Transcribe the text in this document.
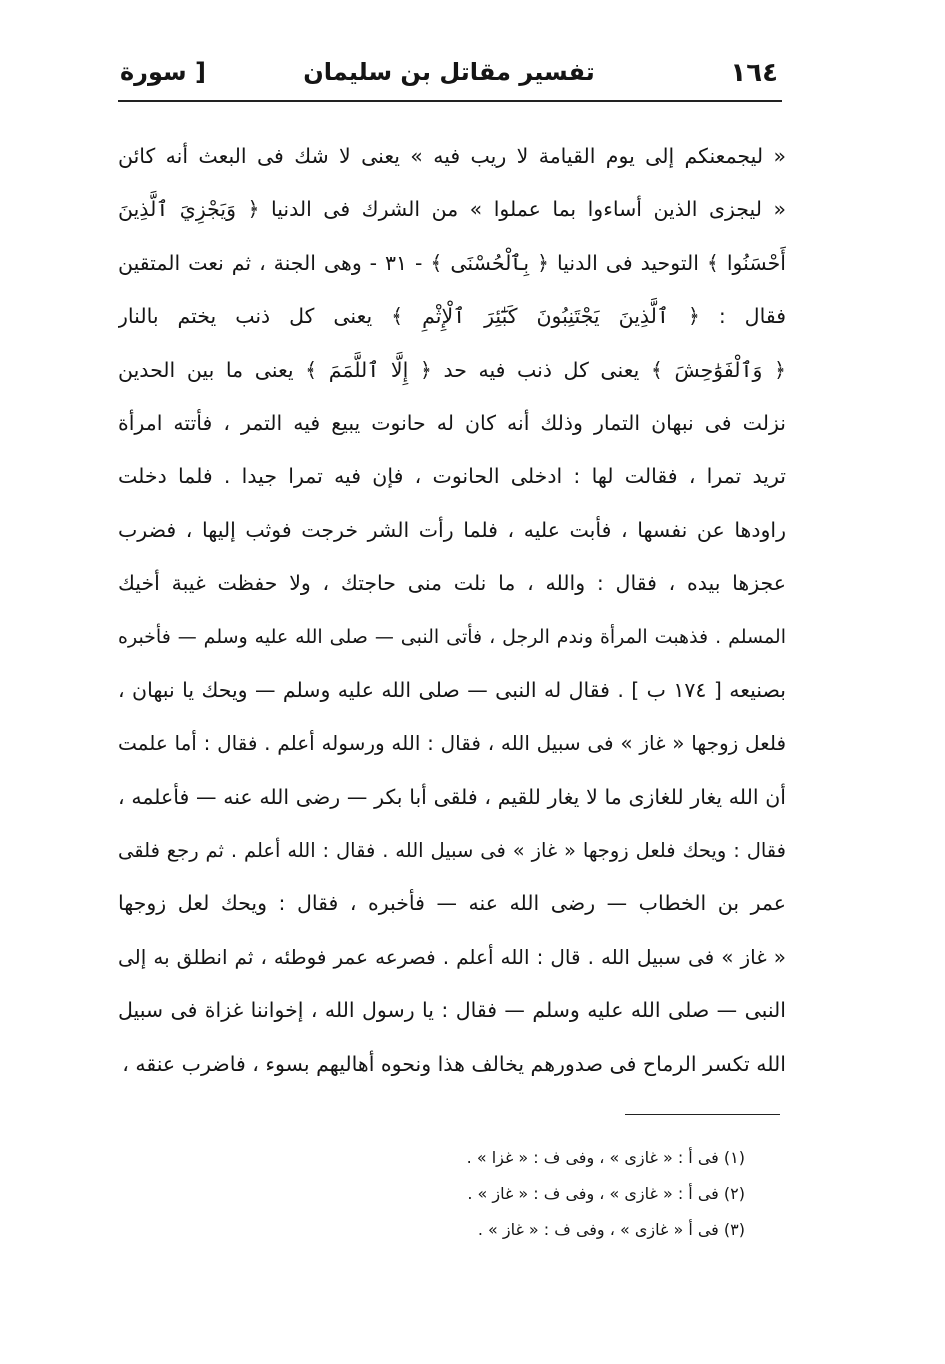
١٦٤
تفسير مقاتل بن سليمان
[ سورة
« ليجمعنكم إلى يوم القيامة لا ريب فيه » يعنى لا شك فى البعث أنه كائن
« ليجزى الذين أساءوا بما عملوا » من الشرك فى الدنيا ﴿ وَيَجْزِيَ ٱلَّذِينَ
أَحْسَنُوا ﴾ التوحيد فى الدنيا ﴿ بِٱلْحُسْنَى ﴾ - ٣١ - وهى الجنة ، ثم نعت المتقين
فقال : ﴿ ٱلَّذِينَ يَجْتَنِبُونَ كَبَٰٓئِرَ ٱلْإِثْمِ ﴾ يعنى كل ذنب يختم بالنار
﴿ وَٱلْفَوَٰحِشَ ﴾ يعنى كل ذنب فيه حد ﴿ إِلَّا ٱللَّمَمَ ﴾ يعنى ما بين الحدين
نزلت فى نبهان التمار وذلك أنه كان له حانوت يبيع فيه التمر ، فأتته امرأة
تريد تمرا ، فقالت لها : ادخلى الحانوت ، فإن فيه تمرا جيدا . فلما دخلت
راودها عن نفسها ، فأبت عليه ، فلما رأت الشر خرجت فوثب إليها ، فضرب
عجزها بيده ، فقال : والله ، ما نلت منى حاجتك ، ولا حفظت غيبة أخيك
المسلم . فذهبت المرأة وندم الرجل ، فأتى النبى — صلى الله عليه وسلم — فأخبره
بصنيعه [ ١٧٤ ب ] . فقال له النبى — صلى الله عليه وسلم — ويحك يا نبهان ،
فلعل زوجها « غاز » فى سبيل الله ، فقال : الله ورسوله أعلم . فقال : أما علمت
أن الله يغار للغازى ما لا يغار للقيم ، فلقى أبا بكر — رضى الله عنه — فأعلمه ،
فقال : ويحك فلعل زوجها « غاز » فى سبيل الله . فقال : الله أعلم . ثم رجع فلقى
عمر بن الخطاب — رضى الله عنه — فأخبره ، فقال : ويحك لعل زوجها
« غاز » فى سبيل الله . قال : الله أعلم . فصرعه عمر فوطئه ، ثم انطلق به إلى
النبى — صلى الله عليه وسلم — فقال : يا رسول الله ، إخواننا غزاة فى سبيل
الله تكسر الرماح فى صدورهم يخالف هذا ونحوه أهاليهم بسوء ، فاضرب عنقه ،
(١) فى أ : « غازى » ، وفى ف : « غزا » .
(٢) فى أ : « غازى » ، وفى ف : « غاز » .
(٣) فى أ « غازى » ، وفى ف : « غاز » .
